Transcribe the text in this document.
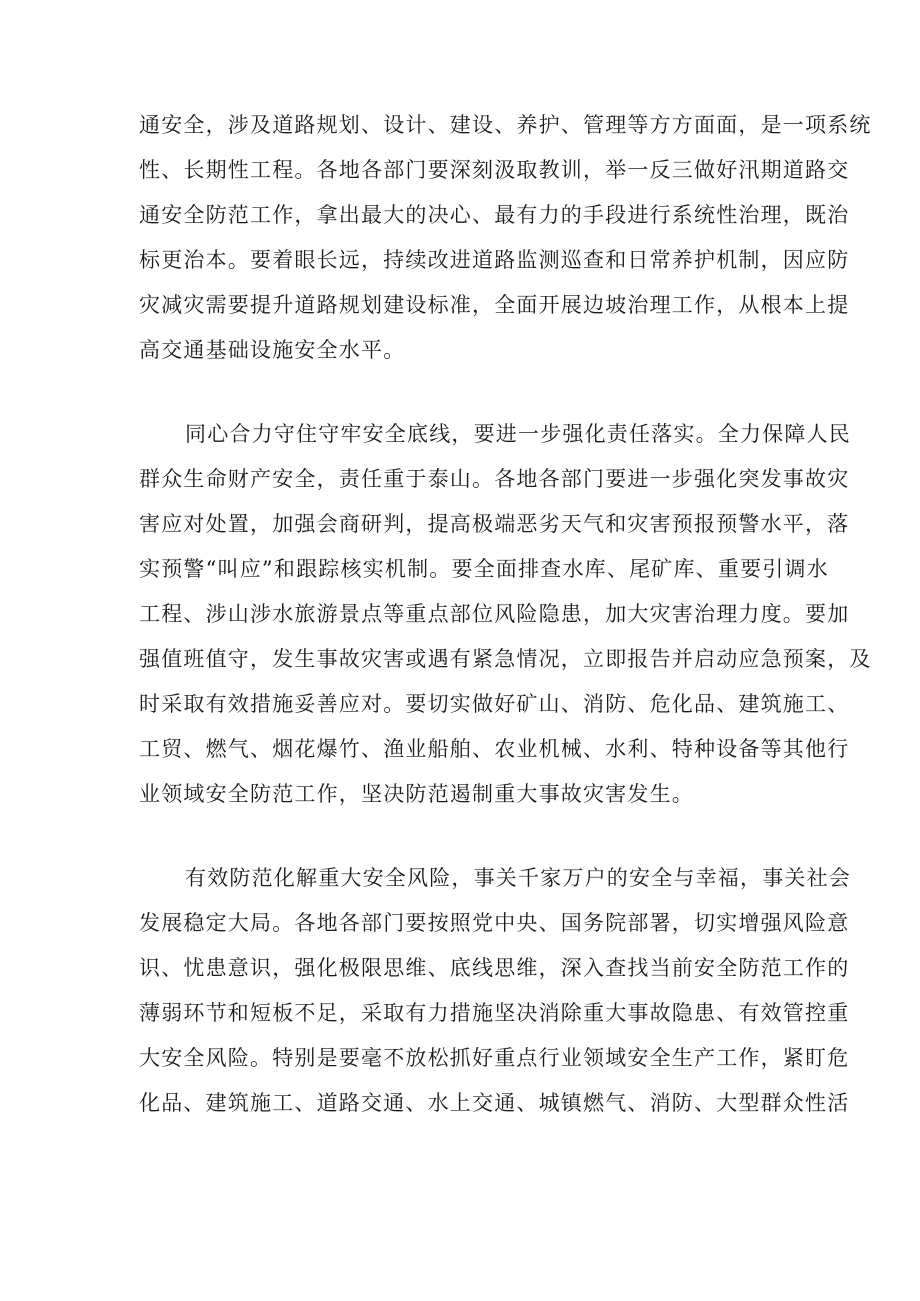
通安全，涉及道路规划、设计、建设、养护、管理等方方面面，是一项系统
性、长期性工程。各地各部门要深刻汲取教训，举一反三做好汛期道路交
通安全防范工作，拿出最大的决心、最有力的手段进行系统性治理，既治
标更治本。要着眼长远，持续改进道路监测巡查和日常养护机制，因应防
灾减灾需要提升道路规划建设标准，全面开展边坡治理工作，从根本上提
高交通基础设施安全水平。

同心合力守住守牢安全底线，要进一步强化责任落实。全力保障人民
群众生命财产安全，责任重于泰山。各地各部门要进一步强化突发事故灾
害应对处置，加强会商研判，提高极端恶劣天气和灾害预报预警水平，落
实预警“叫应”和跟踪核实机制。要全面排查水库、尾矿库、重要引调水
工程、涉山涉水旅游景点等重点部位风险隐患，加大灾害治理力度。要加
强值班值守，发生事故灾害或遇有紧急情况，立即报告并启动应急预案，及
时采取有效措施妥善应对。要切实做好矿山、消防、危化品、建筑施工、
工贸、燃气、烟花爆竹、渔业船舶、农业机械、水利、特种设备等其他行
业领域安全防范工作，坚决防范遏制重大事故灾害发生。

有效防范化解重大安全风险，事关千家万户的安全与幸福，事关社会
发展稳定大局。各地各部门要按照党中央、国务院部署，切实增强风险意
识、忧患意识，强化极限思维、底线思维，深入查找当前安全防范工作的
薄弱环节和短板不足，采取有力措施坚决消除重大事故隐患、有效管控重
大安全风险。特别是要毫不放松抓好重点行业领域安全生产工作，紧盯危
化品、建筑施工、道路交通、水上交通、城镇燃气、消防、大型群众性活
